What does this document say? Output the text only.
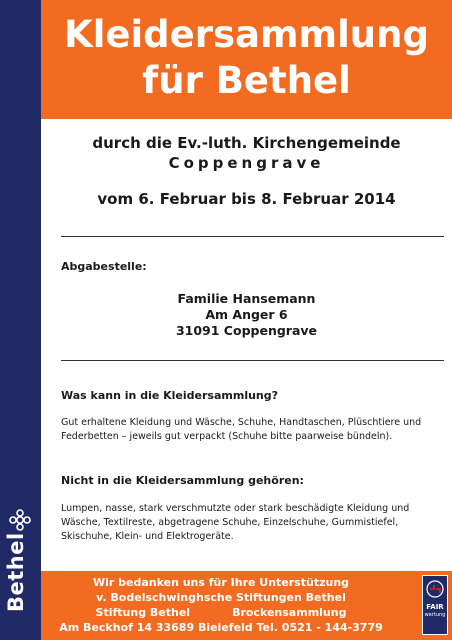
Bethel
Kleidersammlung
für Bethel
durch die Ev.-luth. Kirchengemeinde
Coppengrave
vom 6. Februar bis 8. Februar 2014
Abgabestelle:
Familie Hansemann
Am Anger 6
31091 Coppengrave
Was kann in die Kleidersammlung?
Gut erhaltene Kleidung und Wäsche, Schuhe, Handtaschen, Plüschtiere und Federbetten – jeweils gut verpackt (Schuhe bitte paarweise bündeln).
Nicht in die Kleidersammlung gehören:
Lumpen, nasse, stark verschmutzte oder stark beschädigte Kleidung und Wäsche, Textilreste, abgetragene Schuhe, Einzelschuhe, Gummistiefel, Skischuhe, Klein- und Elektrogeräte.
Wir bedanken uns für Ihre Unterstützung
v. Bodelschwinghsche Stiftungen Bethel
Stiftung Bethel	Brockensammlung
Am Beckhof 14 33689 Bielefeld Tel. 0521 - 144-3779
FAIR
wertung
